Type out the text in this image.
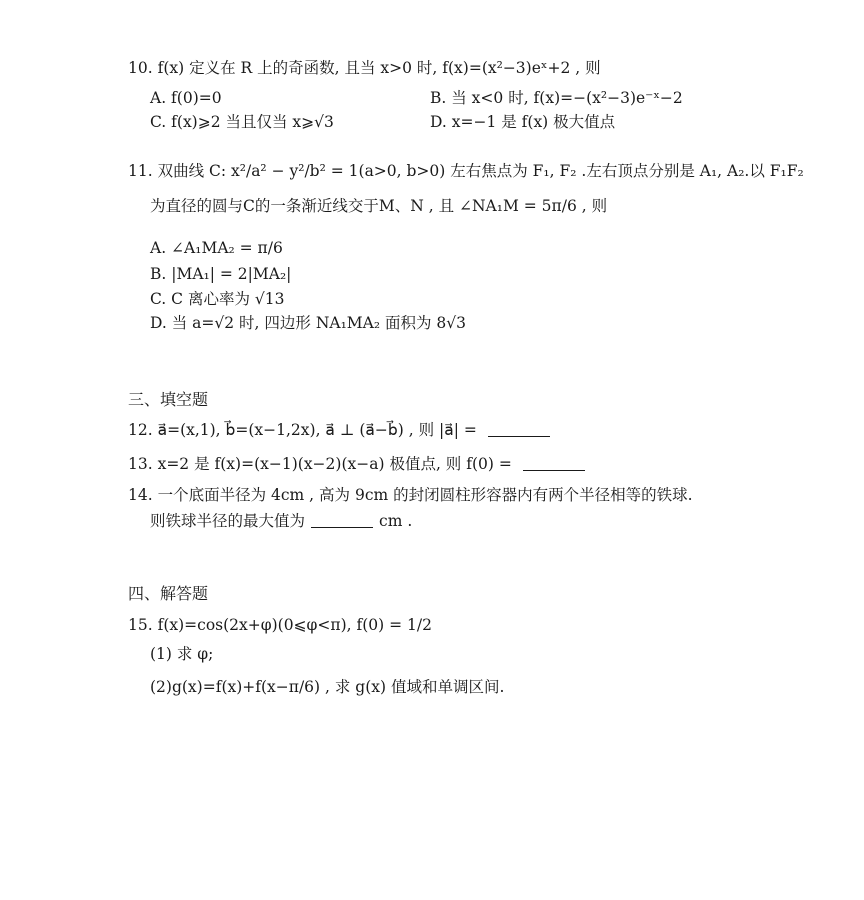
10. f(x) 定义在 R 上的奇函数, 且当 x>0 时, f(x)=(x²−3)eˣ+2 , 则
A. f(0)=0	B. 当 x<0 时, f(x)=−(x²−3)e⁻ˣ−2
C. f(x)⩾2 当且仅当 x⩾√3	D. x=−1 是 f(x) 极大值点
11. 双曲线 C: x²/a² − y²/b² = 1(a>0, b>0) 左右焦点为 F₁, F₂ .左右顶点分别是 A₁, A₂.以 F₁F₂
为直径的圆与C的一条渐近线交于M、N , 且 ∠NA₁M = 5π/6 , 则
A. ∠A₁MA₂ = π/6
B. |MA₁| = 2|MA₂|
C. C 离心率为 √13
D. 当 a=√2 时, 四边形 NA₁MA₂ 面积为 8√3
三、填空题
12. a⃗=(x,1), b⃗=(x−1,2x), a⃗ ⊥ (a⃗−b⃗) , 则 |a⃗| =
13. x=2 是 f(x)=(x−1)(x−2)(x−a) 极值点, 则 f(0) =
14. 一个底面半径为 4cm , 高为 9cm 的封闭圆柱形容器内有两个半径相等的铁球.
则铁球半径的最大值为	cm .
四、解答题
15. f(x)=cos(2x+φ)(0⩽φ<π), f(0) = 1/2
(1) 求 φ;
(2)g(x)=f(x)+f(x−π/6) , 求 g(x) 值域和单调区间.
